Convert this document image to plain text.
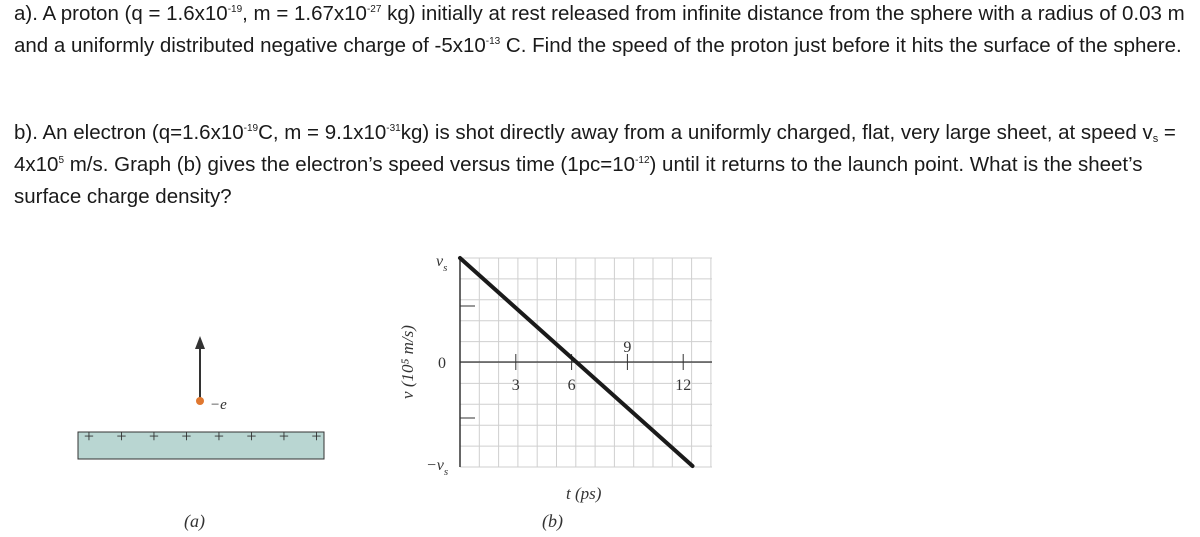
a). A proton ($q = 1.6x10^{-19}$, $m = 1.67x10^{-27}$ kg) initially at rest released from infinite distance from the sphere with a radius of 0.03 m and a uniformly distributed negative charge of $-5x10^{-13}$ C. Find the speed of the proton just before it hits the surface of the sphere.
b). An electron ($q=1.6x10^{-19}C$, $m = 9.1x10^{-31}kg$) is shot directly away from a uniformly charged, flat, very large sheet, at speed $v_s = 4x10^5$ m/s. Graph (b) gives the electron’s speed versus time $(1pc=10^{-12})$ until it returns to the launch point. What is the sheet’s surface charge density?
+ + + + + + + +
−e
(a)
3	6
9
12
$v_s$
0
$-v_s$
v (10⁵ m/s)
t (ps)
(b)
